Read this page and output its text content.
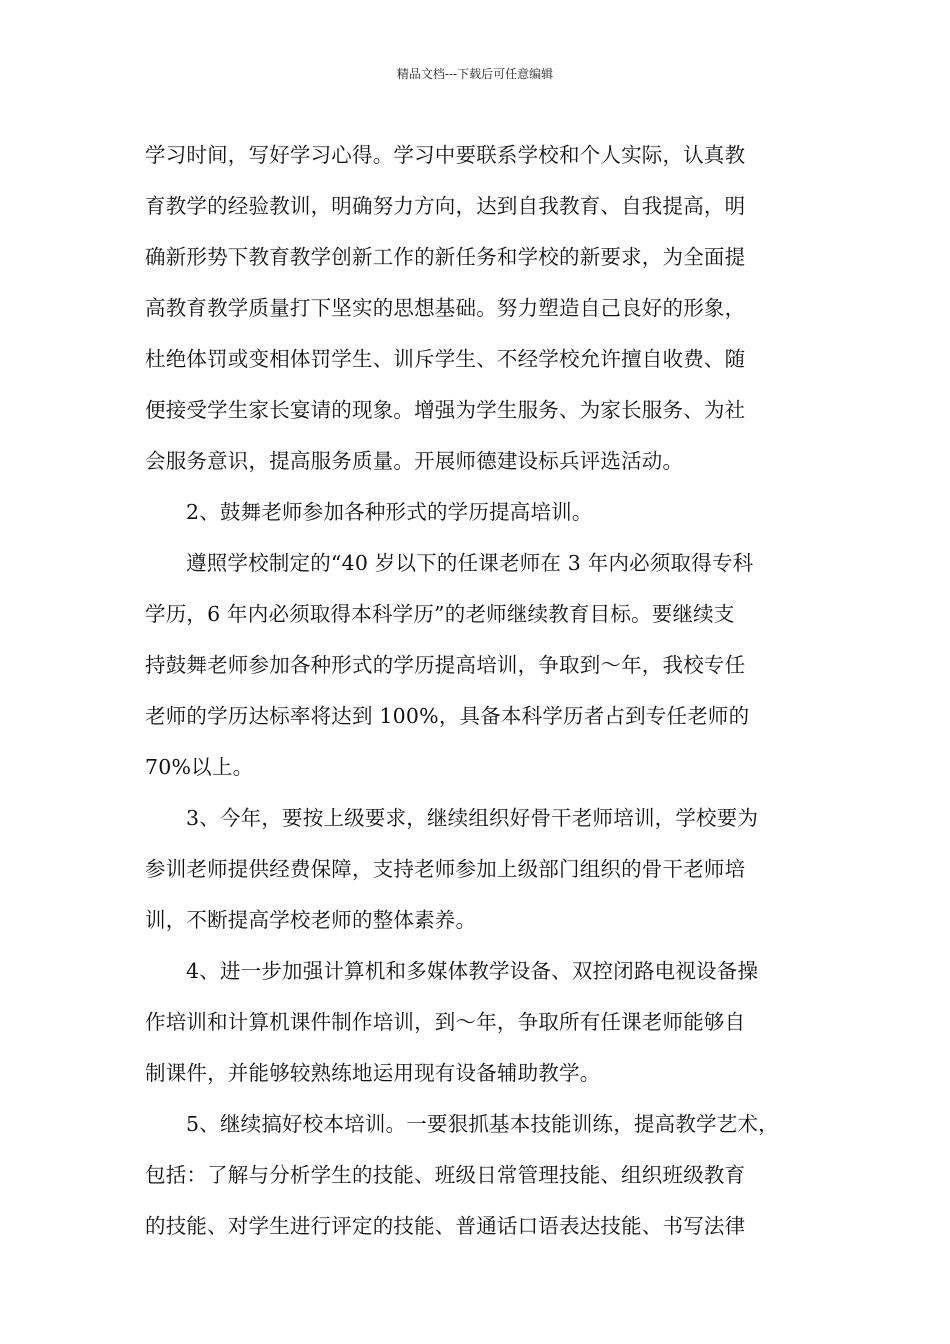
精品文档---下载后可任意编辑

学习时间，写好学习心得。学习中要联系学校和个人实际，认真教
育教学的经验教训，明确努力方向，达到自我教育、自我提高，明
确新形势下教育教学创新工作的新任务和学校的新要求，为全面提
高教育教学质量打下坚实的思想基础。努力塑造自己良好的形象，
杜绝体罚或变相体罚学生、训斥学生、不经学校允许擅自收费、随
便接受学生家长宴请的现象。增强为学生服务、为家长服务、为社
会服务意识，提高服务质量。开展师德建设标兵评选活动。

2、鼓舞老师参加各种形式的学历提高培训。

遵照学校制定的“40 岁以下的任课老师在 3 年内必须取得专科
学历，6 年内必须取得本科学历”的老师继续教育目标。要继续支
持鼓舞老师参加各种形式的学历提高培训，争取到～年，我校专任
老师的学历达标率将达到 100%，具备本科学历者占到专任老师的
70%以上。

3、今年，要按上级要求，继续组织好骨干老师培训，学校要为
参训老师提供经费保障，支持老师参加上级部门组织的骨干老师培
训，不断提高学校老师的整体素养。

4、进一步加强计算机和多媒体教学设备、双控闭路电视设备操
作培训和计算机课件制作培训，到～年，争取所有任课老师能够自
制课件，并能够较熟练地运用现有设备辅助教学。

5、继续搞好校本培训。一要狠抓基本技能训练，提高教学艺术，
包括：了解与分析学生的技能、班级日常管理技能、组织班级教育
的技能、对学生进行评定的技能、普通话口语表达技能、书写法律
